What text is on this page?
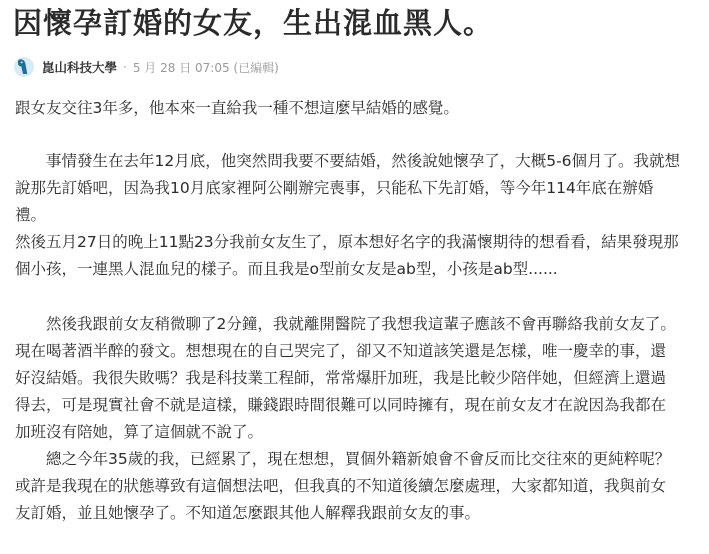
因懷孕訂婚的女友，生出混血黑人。
崑山科技大學 · 5 月 28 日 07:05 (已編輯)

跟女友交往3年多，他本來一直給我一種不想這麼早結婚的感覺。

　　事情發生在去年12月底，他突然問我要不要結婚，然後說她懷孕了，大概5-6個月了。我就想

說那先訂婚吧，因為我10月底家裡阿公剛辦完喪事，只能私下先訂婚，等今年114年底在辦婚

禮。

然後五月27日的晚上11點23分我前女友生了，原本想好名字的我滿懷期待的想看看，結果發現那

個小孩，一連黑人混血兒的樣子。而且我是o型前女友是ab型，小孩是ab型......

　　然後我跟前女友稍微聊了2分鐘，我就離開醫院了我想我這輩子應該不會再聯絡我前女友了。

現在喝著酒半醉的發文。想想現在的自己哭完了，卻又不知道該笑還是怎樣，唯一慶幸的事，還

好沒結婚。我很失敗嗎？我是科技業工程師，常常爆肝加班，我是比較少陪伴她，但經濟上還過

得去，可是現實社會不就是這樣，賺錢跟時間很難可以同時擁有，現在前女友才在說因為我都在

加班沒有陪她，算了這個就不說了。

　　總之今年35歲的我，已經累了，現在想想，買個外籍新娘會不會反而比交往來的更純粹呢？

或許是我現在的狀態導致有這個想法吧，但我真的不知道後續怎麼處理，大家都知道，我與前女

友訂婚，並且她懷孕了。不知道怎麼跟其他人解釋我跟前女友的事。
